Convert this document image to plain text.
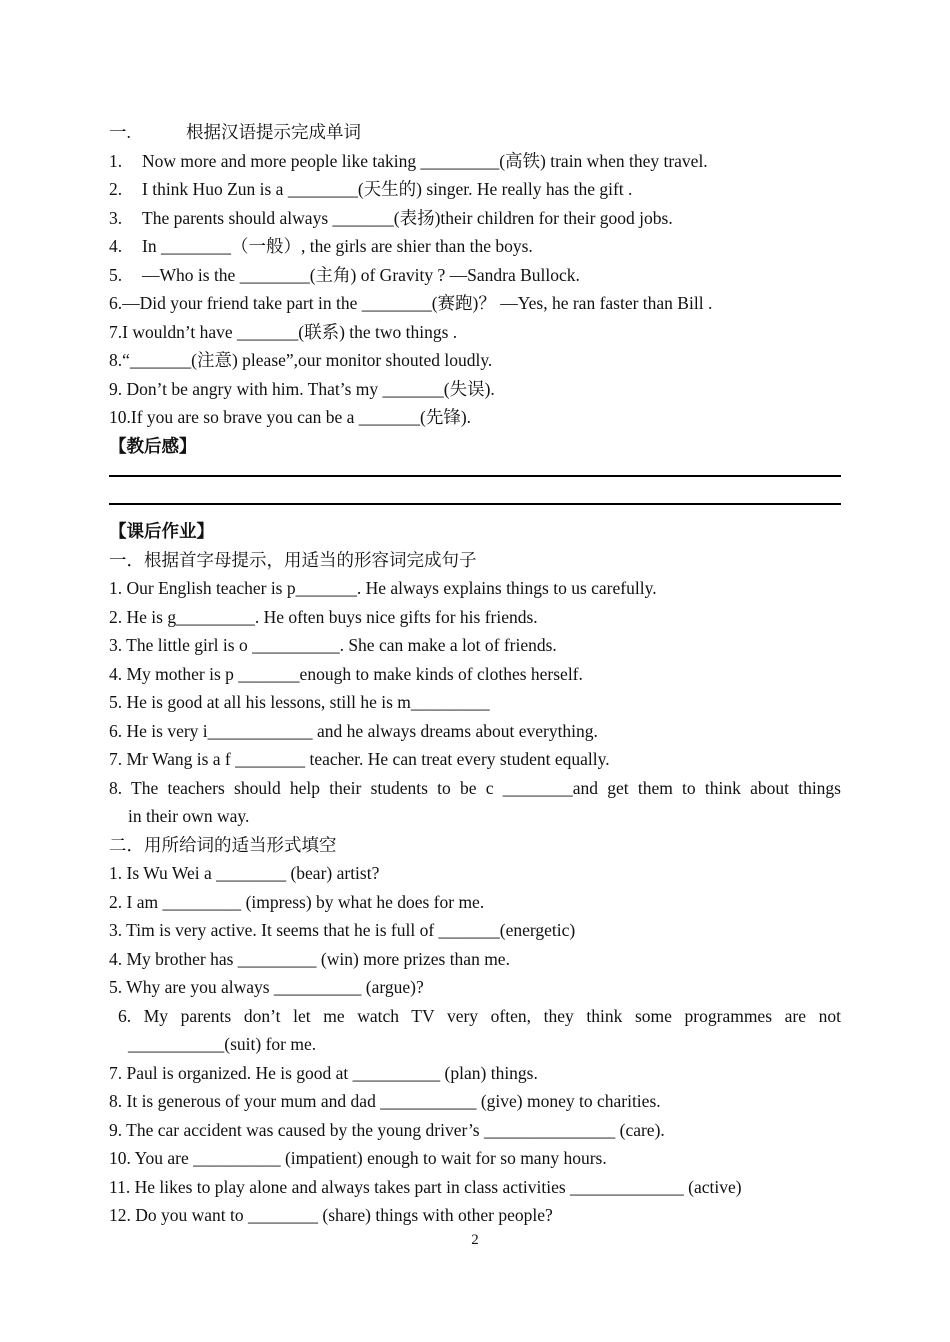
一.	根据汉语提示完成单词
1. Now more and more people like taking _________(高铁) train when they travel.
2. I think Huo Zun is a ________(天生的) singer. He really has the gift .
3. The parents should always _______(表扬)their children for their good jobs.
4. In ________（一般）, the girls are shier than the boys.
5. —Who is the ________(主角) of Gravity ? —Sandra Bullock.
6.—Did your friend take part in the ________(赛跑)？ —Yes, he ran faster than Bill .
7.I wouldn’t have _______(联系) the two things .
8.“_______(注意) please”,our monitor shouted loudly.
9. Don’t be angry with him. That’s my _______(失误).
10.If you are so brave you can be a _______(先锋).
【教后感】
【课后作业】
一．根据首字母提示，用适当的形容词完成句子
1. Our English teacher is p_______. He always explains things to us carefully.
2. He is g_________. He often buys nice gifts for his friends.
3. The little girl is o __________. She can make a lot of friends.
4. My mother is p _______enough to make kinds of clothes herself.
5. He is good at all his lessons, still he is m_________
6. He is very i____________ and he always dreams about everything.
7. Mr Wang is a f ________ teacher. He can treat every student equally.
8. The teachers should help their students to be c ________and get them to think about things
in their own way.
二．用所给词的适当形式填空
1. Is Wu Wei a ________ (bear) artist?
2. I am _________ (impress) by what he does for me.
3. Tim is very active. It seems that he is full of _______(energetic)
4. My brother has _________ (win) more prizes than me.
5. Why are you always __________ (argue)?
6. My parents don’t let me watch TV very often, they think some programmes are not
___________(suit) for me.
7. Paul is organized. He is good at __________ (plan) things.
8. It is generous of your mum and dad ___________ (give) money to charities.
9. The car accident was caused by the young driver’s _______________ (care).
10. You are __________ (impatient) enough to wait for so many hours.
11. He likes to play alone and always takes part in class activities _____________ (active)
12. Do you want to ________ (share) things with other people?
2
